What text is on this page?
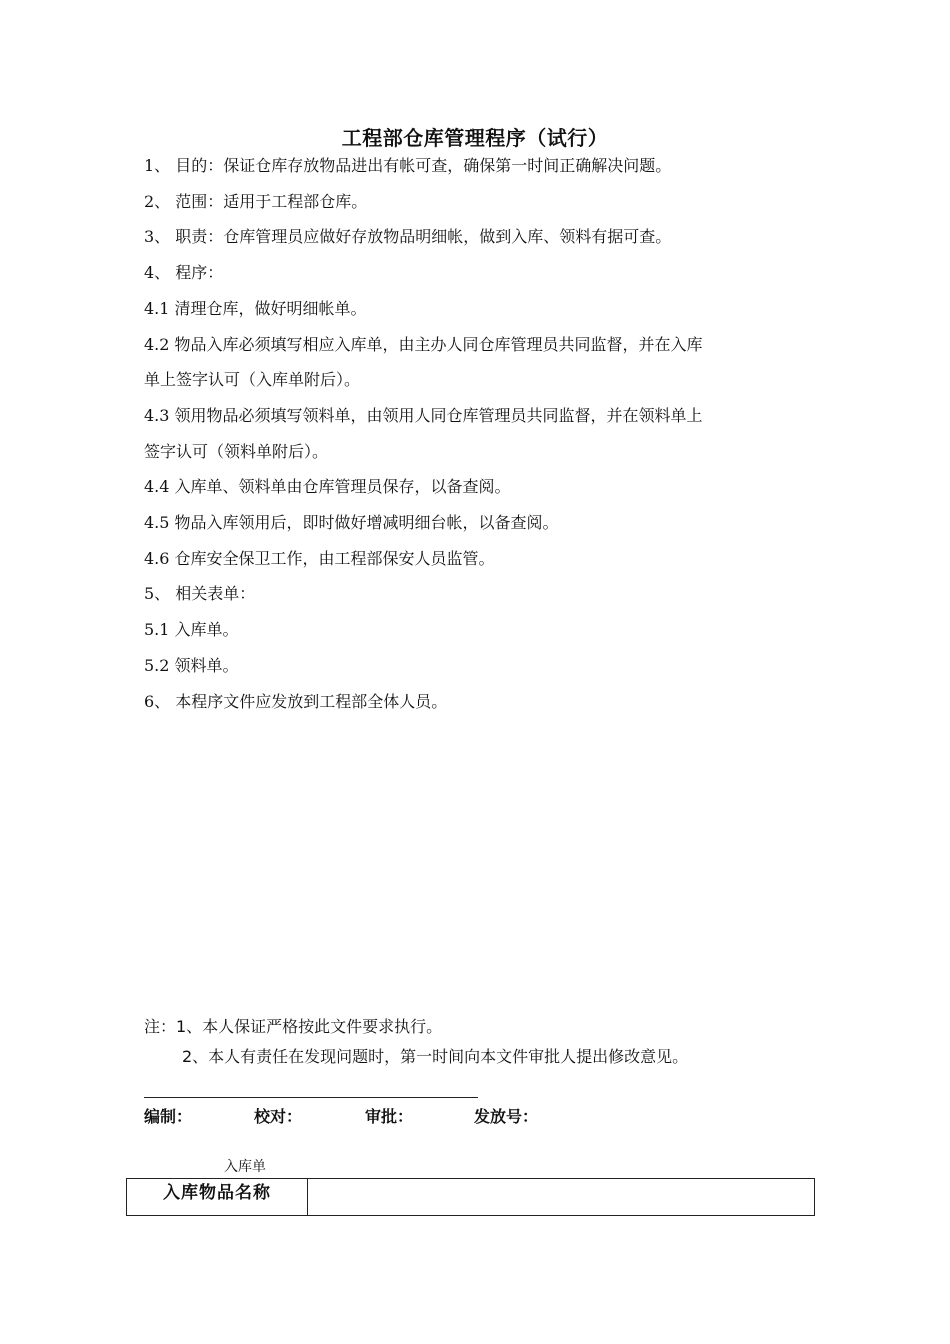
工程部仓库管理程序（试行）
1、 目的：保证仓库存放物品进出有帐可查，确保第一时间正确解决问题。
2、 范围：适用于工程部仓库。
3、 职责：仓库管理员应做好存放物品明细帐，做到入库、领料有据可查。
4、 程序：
4.1 清理仓库，做好明细帐单。
4.2 物品入库必须填写相应入库单，由主办人同仓库管理员共同监督，并在入库
单上签字认可（入库单附后）。
4.3 领用物品必须填写领料单，由领用人同仓库管理员共同监督，并在领料单上
签字认可（领料单附后）。
4.4 入库单、领料单由仓库管理员保存，以备查阅。
4.5 物品入库领用后，即时做好增减明细台帐，以备查阅。
4.6 仓库安全保卫工作，由工程部保安人员监管。
5、 相关表单：
5.1 入库单。
5.2 领料单。
6、 本程序文件应发放到工程部全体人员。
注：1、本人保证严格按此文件要求执行。
2、本人有责任在发现问题时，第一时间向本文件审批人提出修改意见。
编制：	校对：	审批：	发放号：
入库单
入库物品名称
